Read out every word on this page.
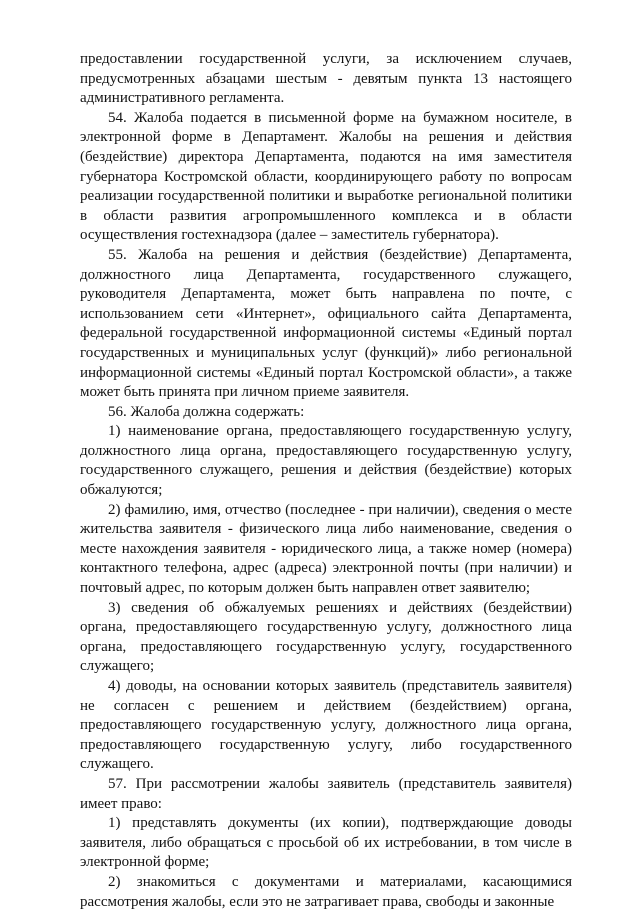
предоставлении государственной услуги, за исключением случаев, предусмотренных абзацами шестым - девятым пункта 13 настоящего административного регламента.

54. Жалоба подается в письменной форме на бумажном носителе, в электронной форме в Департамент. Жалобы на решения и действия (бездействие) директора Департамента, подаются на имя заместителя губернатора Костромской области, координирующего работу по вопросам реализации государственной политики и выработке региональной политики в области развития агропромышленного комплекса и в области осуществления гостехнадзора (далее – заместитель губернатора).

55. Жалоба на решения и действия (бездействие) Департамента, должностного лица Департамента, государственного служащего, руководителя Департамента, может быть направлена по почте, с использованием сети «Интернет», официального сайта Департамента, федеральной государственной информационной системы «Единый портал государственных и муниципальных услуг (функций)» либо региональной информационной системы «Единый портал Костромской области», а также может быть принята при личном приеме заявителя.

56. Жалоба должна содержать:

1) наименование органа, предоставляющего государственную услугу, должностного лица органа, предоставляющего государственную услугу, государственного служащего, решения и действия (бездействие) которых обжалуются;

2) фамилию, имя, отчество (последнее - при наличии), сведения о месте жительства заявителя - физического лица либо наименование, сведения о месте нахождения заявителя - юридического лица, а также номер (номера) контактного телефона, адрес (адреса) электронной почты (при наличии) и почтовый адрес, по которым должен быть направлен ответ заявителю;

3) сведения об обжалуемых решениях и действиях (бездействии) органа, предоставляющего государственную услугу, должностного лица органа, предоставляющего государственную услугу, государственного служащего;

4) доводы, на основании которых заявитель (представитель заявителя) не согласен с решением и действием (бездействием) органа, предоставляющего государственную услугу, должностного лица органа, предоставляющего государственную услугу, либо государственного служащего.

57. При рассмотрении жалобы заявитель (представитель заявителя) имеет право:

1) представлять документы (их копии), подтверждающие доводы заявителя, либо обращаться с просьбой об их истребовании, в том числе в электронной форме;

2) знакомиться с документами и материалами, касающимися рассмотрения жалобы, если это не затрагивает права, свободы и законные
